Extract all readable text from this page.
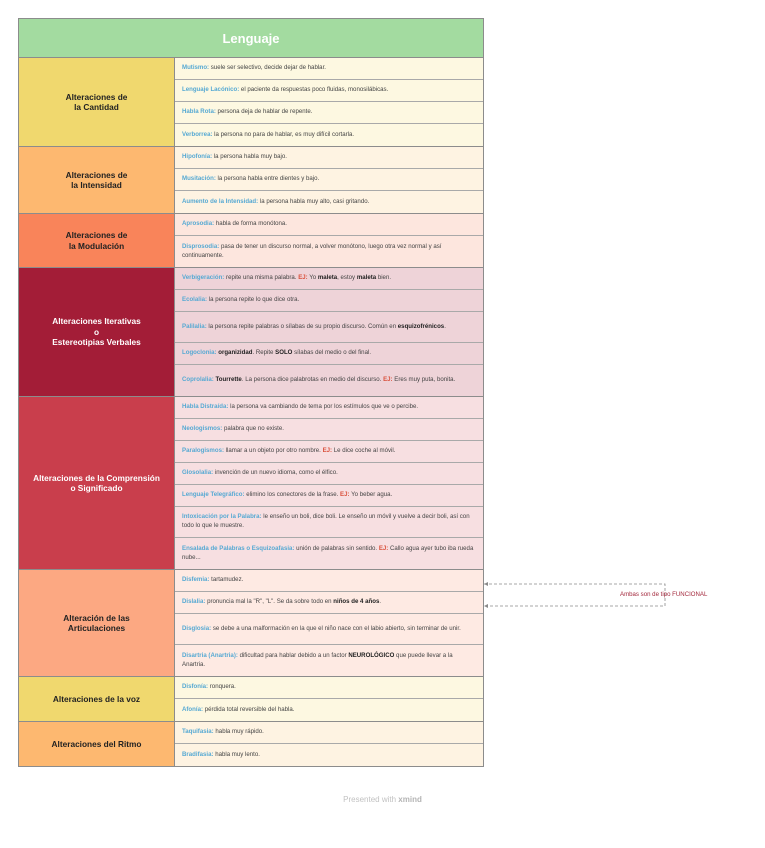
Lenguaje
Alteraciones de
la Cantidad
Mutismo: suele ser selectivo, decide dejar de hablar.
Lenguaje Lacónico: el paciente da respuestas poco fluidas, monosilábicas.
Habla Rota: persona deja de hablar de repente.
Verborrea: la persona no para de hablar, es muy difícil cortarla.
Alteraciones de
la Intensidad
Hipofonía: la persona habla muy bajo.
Musitación: la persona habla entre dientes y bajo.
Aumento de la Intensidad: la persona habla muy alto, casi gritando.
Alteraciones de
la Modulación
Aprosodia: habla de forma monótona.
Disprosodia: pasa de tener un discurso normal, a volver monótono, luego otra vez normal y así continuamente.
Alteraciones Iterativas
o
Estereotipias Verbales
Verbigeración: repite una misma palabra. EJ: Yo maleta, estoy maleta bien.
Ecolalia: la persona repite lo que dice otra.
Palilalia: la persona repite palabras o sílabas de su propio discurso. Común en esquizofrénicos.
Logoclonia: organizidad. Repite SOLO sílabas del medio o del final.
Coprolalia: Tourrette. La persona dice palabrotas en medio del discurso. EJ: Eres muy puta, bonita.
Alteraciones de la Comprensión
o Significado
Habla Distraída: la persona va cambiando de tema por los estímulos que ve o percibe.
Neologismos: palabra que no existe.
Paralogismos: llamar a un objeto por otro nombre. EJ: Le dice coche al móvil.
Glosolalia: invención de un nuevo idioma, como el élfico.
Lenguaje Telegráfico: elimino los conectores de la frase. EJ: Yo beber agua.
Intoxicación por la Palabra: le enseño un boli, dice boli. Le enseño un móvil y vuelve a decir boli, así con todo lo que le muestre.
Ensalada de Palabras o Esquizoafasia: unión de palabras sin sentido. EJ: Callo agua ayer tubo iba rueda nube...
Alteración de las
Articulaciones
Disfemia: tartamudez.
Dislalia: pronuncia mal la "R", "L". Se da sobre todo en niños de 4 años.
Disglosia: se debe a una malformación en la que el niño nace con el labio abierto, sin terminar de unir.
Disartria (Anartria): dificultad para hablar debido a un factor NEUROLÓGICO que puede llevar a la Anartria.
Alteraciones de la voz
Disfonía: ronquera.
Afonía: pérdida total reversible del habla.
Alteraciones del Ritmo
Taquifasia: habla muy rápido.
Bradifasia: habla muy lento.
Ambas son de tipo FUNCIONAL
Presented with xmind
